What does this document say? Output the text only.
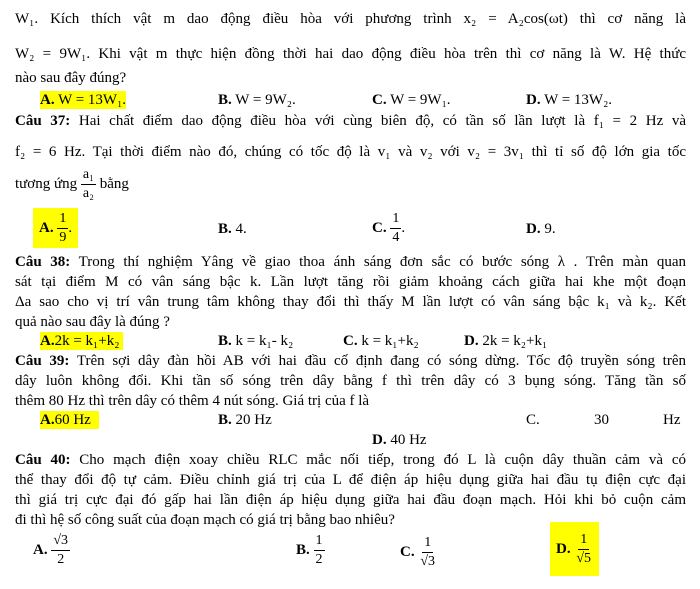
W₁. Kích thích vật m dao động điều hòa với phương trình x₂ = A₂cos(ωt) thì cơ năng là
W₂ = 9W₁. Khi vật m thực hiện đồng thời hai dao động điều hòa trên thì cơ năng là W. Hệ thức
nào sau đây đúng?
A. W = 13W₁.	B. W = 9W₂.	C. W = 9W₁.	D. W = 13W₂.
Câu 37: Hai chất điểm dao động điều hòa với cùng biên độ, có tần số lần lượt là f₁ = 2 Hz và
f₂ = 6 Hz. Tại thời điểm nào đó, chúng có tốc độ là v₁ và v₂ với v₂ = 3v₁ thì tỉ số độ lớn gia tốc
tương ứng $\frac{\text{a₁}}{\text{a₂}}$ bằng
A. $\frac{1}{9}$ .	B. 4.	C. $\frac{1}{4}$ .	D. 9.
Câu 38: Trong thí nghiệm Yâng về giao thoa ánh sáng đơn sắc có bước sóng λ . Trên màn quan
sát tại điểm M có vân sáng bậc k. Lần lượt tăng rồi giảm khoảng cách giữa hai khe một đoạn
Δa sao cho vị trí vân trung tâm không thay đổi thì thấy M lần lượt có vân sáng bậc k₁ và k₂. Kết
quả nào sau đây là đúng ?
A.2k = k₁+k₂	B. k = k₁- k₂	C. k = k₁+k₂	D. 2k = k₂+k₁
Câu 39: Trên sợi dây đàn hồi AB với hai đầu cố định đang có sóng dừng. Tốc độ truyền sóng trên
dây luôn không đổi. Khi tần số sóng trên dây bằng f thì trên dây có 3 bụng sóng. Tăng tần số
thêm 80 Hz thì trên dây có thêm 4 nút sóng. Giá trị của f là
A.60 Hz	B. 20 Hz	C.	30	Hz
D. 40 Hz
Câu 40: Cho mạch điện xoay chiều RLC mắc nối tiếp, trong đó L là cuộn dây thuần cảm và có
thể thay đổi độ tự cảm. Điều chỉnh giá trị của L để điện áp hiệu dụng giữa hai đầu tụ điện cực đại
thì giá trị cực đại đó gấp hai lần điện áp hiệu dụng giữa hai đầu đoạn mạch. Hỏi khi bỏ cuộn cảm
đi thì hệ số công suất của đoạn mạch có giá trị bằng bao nhiêu?
A. $\frac{√3}{2}$	B. $\frac{1}{2}$	C. $\frac{1}{√3}$	D. $\frac{1}{√5}$
